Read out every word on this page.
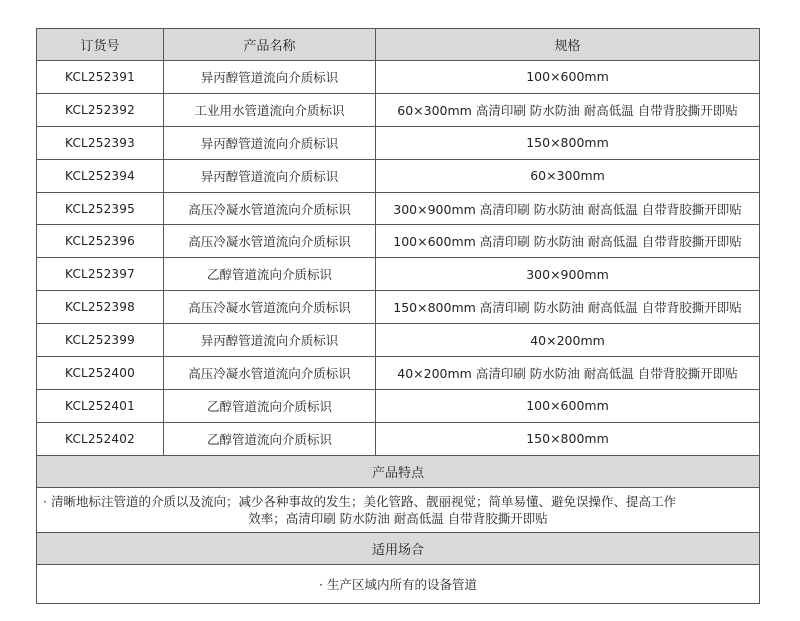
订货号	产品名称	规格
KCL252391	异丙醇管道流向介质标识	100×600mm
KCL252392	工业用水管道流向介质标识	60×300mm 高清印刷 防水防油 耐高低温 自带背胶撕开即贴
KCL252393	异丙醇管道流向介质标识	150×800mm
KCL252394	异丙醇管道流向介质标识	60×300mm
KCL252395	高压冷凝水管道流向介质标识	300×900mm 高清印刷 防水防油 耐高低温 自带背胶撕开即贴
KCL252396	高压冷凝水管道流向介质标识	100×600mm 高清印刷 防水防油 耐高低温 自带背胶撕开即贴
KCL252397	乙醇管道流向介质标识	300×900mm
KCL252398	高压冷凝水管道流向介质标识	150×800mm 高清印刷 防水防油 耐高低温 自带背胶撕开即贴
KCL252399	异丙醇管道流向介质标识	40×200mm
KCL252400	高压冷凝水管道流向介质标识	40×200mm 高清印刷 防水防油 耐高低温 自带背胶撕开即贴
KCL252401	乙醇管道流向介质标识	100×600mm
KCL252402	乙醇管道流向介质标识	150×800mm
产品特点		

· 清晰地标注管道的介质以及流向；减少各种事故的发生；美化管路、靓丽视觉；简单易懂、避免误操作、提高工作
效率；高清印刷 防水防油 耐高低温 自带背胶撕开即贴		

适用场合		
· 生产区域内所有的设备管道		
